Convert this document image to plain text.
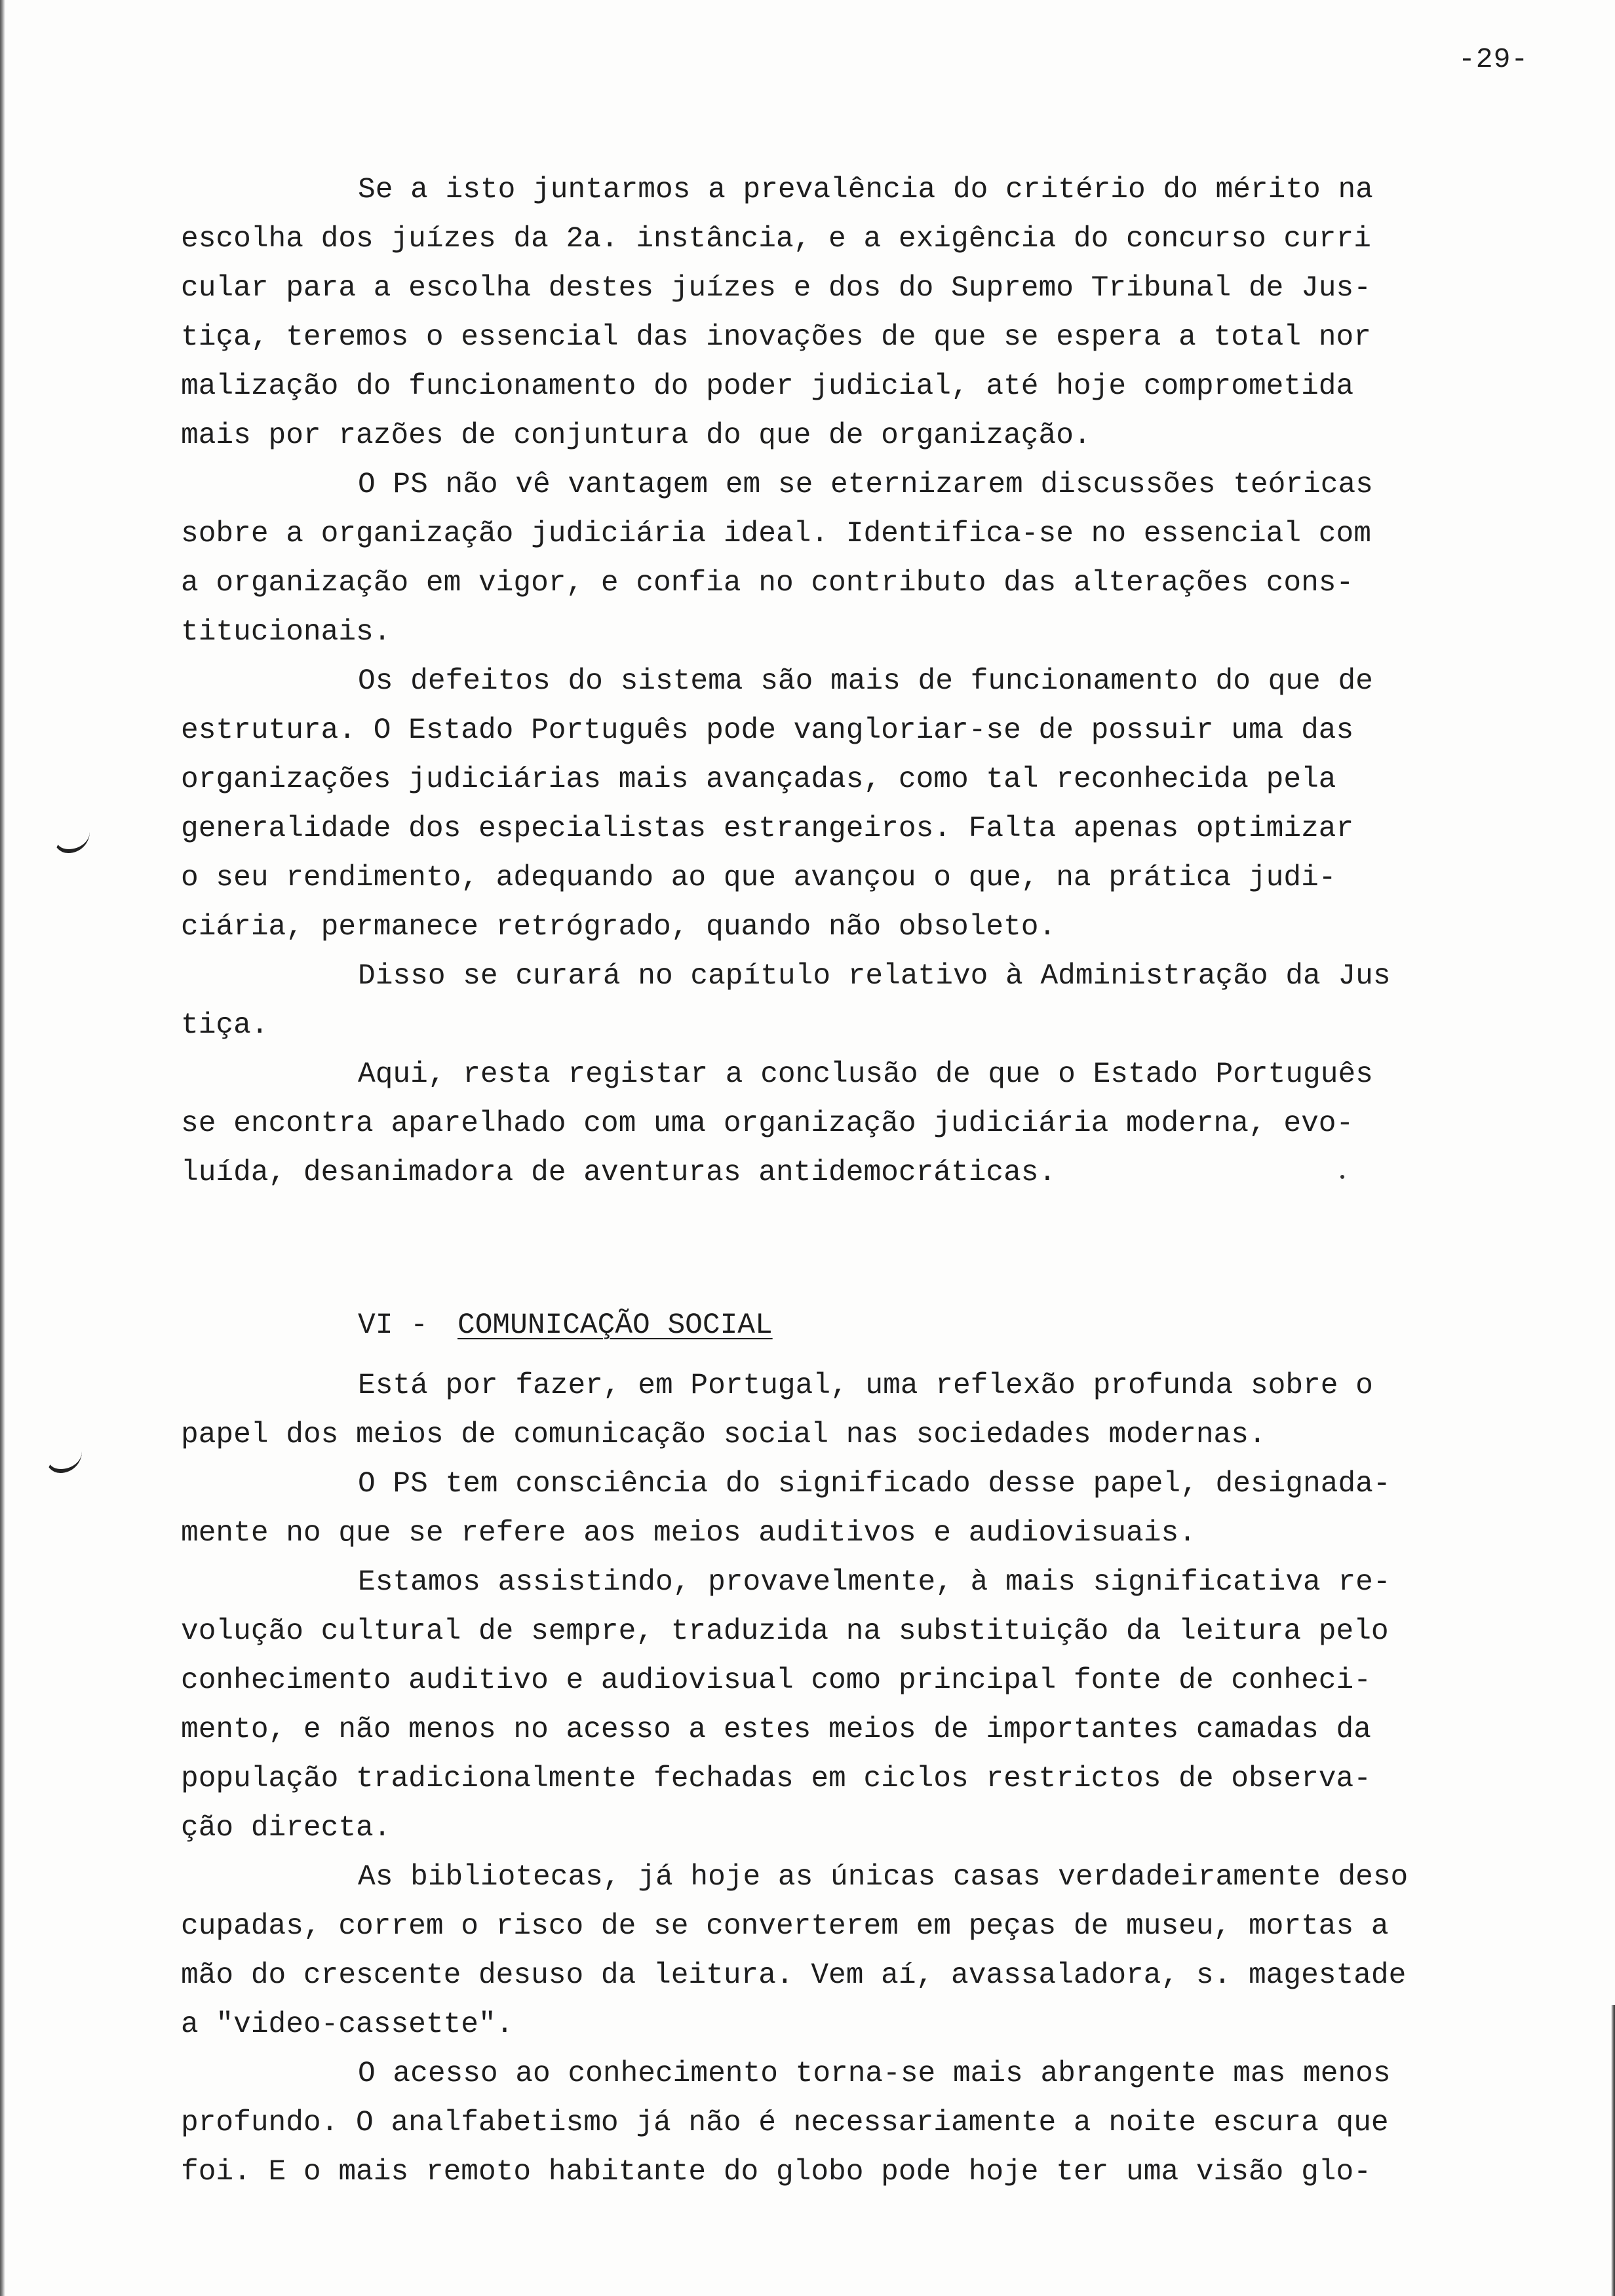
-29-
Se a isto juntarmos a prevalência do critério do mérito na
escolha dos juízes da 2a. instância, e a exigência do concurso curri
cular para a escolha destes juízes e dos do Supremo Tribunal de Jus-
tiça, teremos o essencial das inovações de que se espera a total nor
malização do funcionamento do poder judicial, até hoje comprometida
mais por razões de conjuntura do que de organização.
O PS não vê vantagem em se eternizarem discussões teóricas
sobre a organização judiciária ideal. Identifica-se no essencial com
a organização em vigor, e confia no contributo das alterações cons-
titucionais.
Os defeitos do sistema são mais de funcionamento do que de
estrutura. O Estado Português pode vangloriar-se de possuir uma das
organizações judiciárias mais avançadas, como tal reconhecida pela
generalidade dos especialistas estrangeiros. Falta apenas optimizar
o seu rendimento, adequando ao que avançou o que, na prática judi-
ciária, permanece retrógrado, quando não obsoleto.
Disso se curará no capítulo relativo à Administração da Jus
tiça.
Aqui, resta registar a conclusão de que o Estado Português
se encontra aparelhado com uma organização judiciária moderna, evo-
luída, desanimadora de aventuras antidemocráticas.
VI - COMUNICAÇÃO SOCIAL
Está por fazer, em Portugal, uma reflexão profunda sobre o
papel dos meios de comunicação social nas sociedades modernas.
O PS tem consciência do significado desse papel, designada-
mente no que se refere aos meios auditivos e audiovisuais.
Estamos assistindo, provavelmente, à mais significativa re-
volução cultural de sempre, traduzida na substituição da leitura pelo
conhecimento auditivo e audiovisual como principal fonte de conheci-
mento, e não menos no acesso a estes meios de importantes camadas da
população tradicionalmente fechadas em ciclos restrictos de observa-
ção directa.
As bibliotecas, já hoje as únicas casas verdadeiramente deso
cupadas, correm o risco de se converterem em peças de museu, mortas a
mão do crescente desuso da leitura. Vem aí, avassaladora, s. magestade
a "video-cassette".
O acesso ao conhecimento torna-se mais abrangente mas menos
profundo. O analfabetismo já não é necessariamente a noite escura que
foi. E o mais remoto habitante do globo pode hoje ter uma visão glo-
